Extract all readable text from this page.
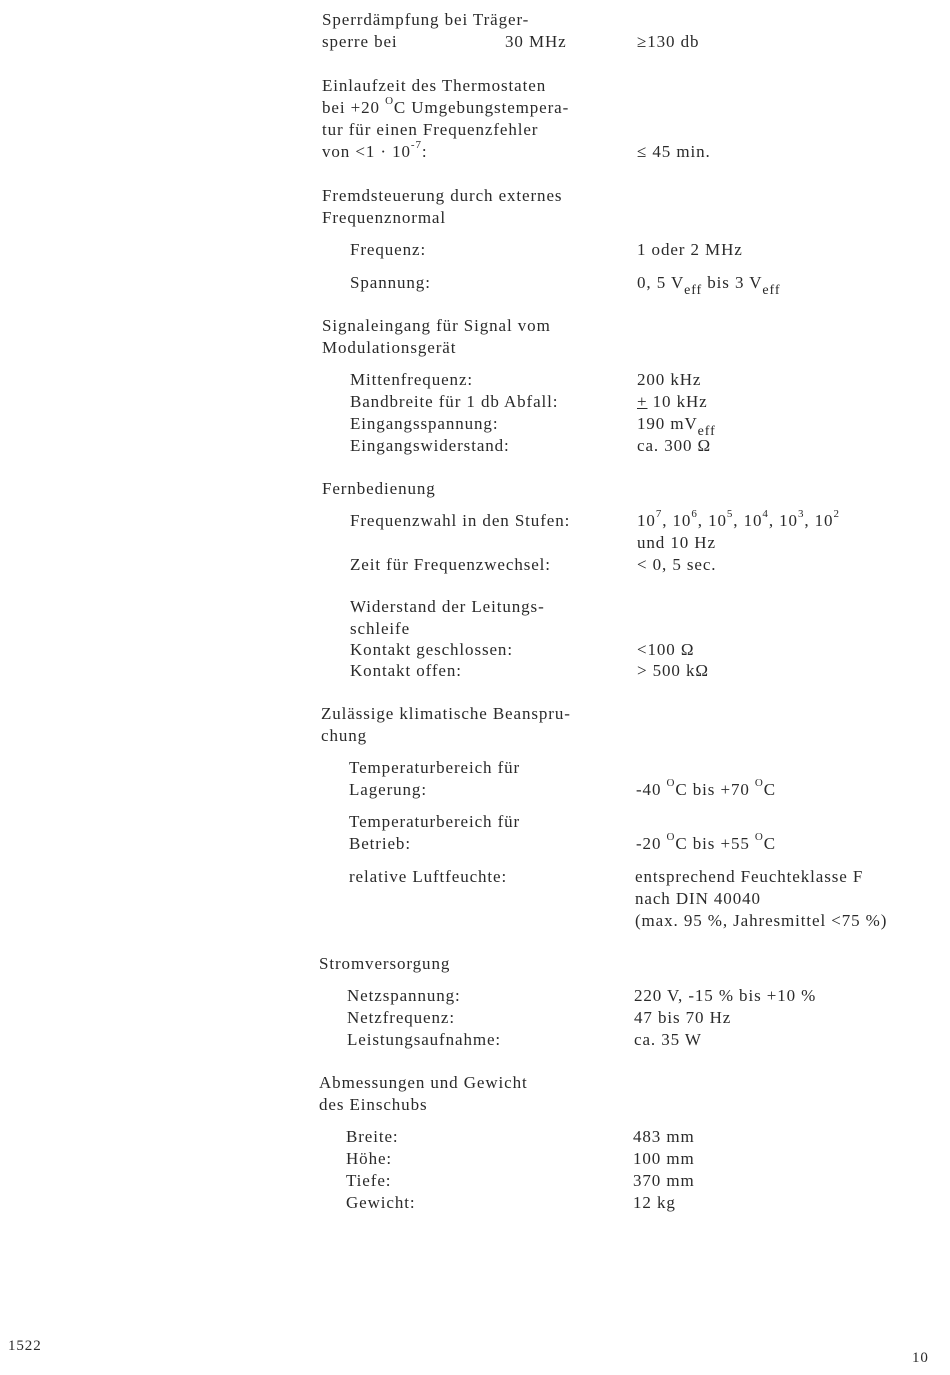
Sperrdämpfung bei Träger-
sperre bei	30 MHz	≥130 db
Einlaufzeit des Thermostaten
bei +20 $^O$C Umgebungstempera-
tur für einen Frequenzfehler
von $<1 \cdot 10^{-7}$:	≤ 45 min.
Fremdsteuerung durch externes
Frequenznormal
Frequenz:	1 oder 2 MHz
Spannung:	0, 5 $V_{eff}$ bis 3 $V_{eff}$
Signaleingang für Signal vom
Modulationsgerät
Mittenfrequenz:	200 kHz
Bandbreite für 1 db Abfall:	+ 10 kHz
Eingangsspannung:	190 $mV_{eff}$
Eingangswiderstand:	ca. 300 Ω
Fernbedienung
Frequenzwahl in den Stufen:	$10^7$, $10^6$, $10^5$, $10^4$, $10^3$, $10^2$
und 10 Hz
Zeit für Frequenzwechsel:	< 0, 5 sec.
Widerstand der Leitungs-
schleife
Kontakt geschlossen:	<100 Ω
Kontakt offen:	> 500 kΩ
Zulässige klimatische Beanspru-
chung
Temperaturbereich für
Lagerung:	-40 $^O$C bis +70 $^O$C
Temperaturbereich für
Betrieb:	-20 $^O$C bis +55 $^O$C
relative Luftfeuchte:	entsprechend Feuchteklasse F
nach DIN 40040
(max. 95 %, Jahresmittel <75 %)
Stromversorgung
Netzspannung:	220 V, -15 % bis +10 %
Netzfrequenz:	47 bis 70 Hz
Leistungsaufnahme:	ca. 35 W
Abmessungen und Gewicht
des Einschubs
Breite:	483 mm
Höhe:	100 mm
Tiefe:	370 mm
Gewicht:	12 kg
1522
10
